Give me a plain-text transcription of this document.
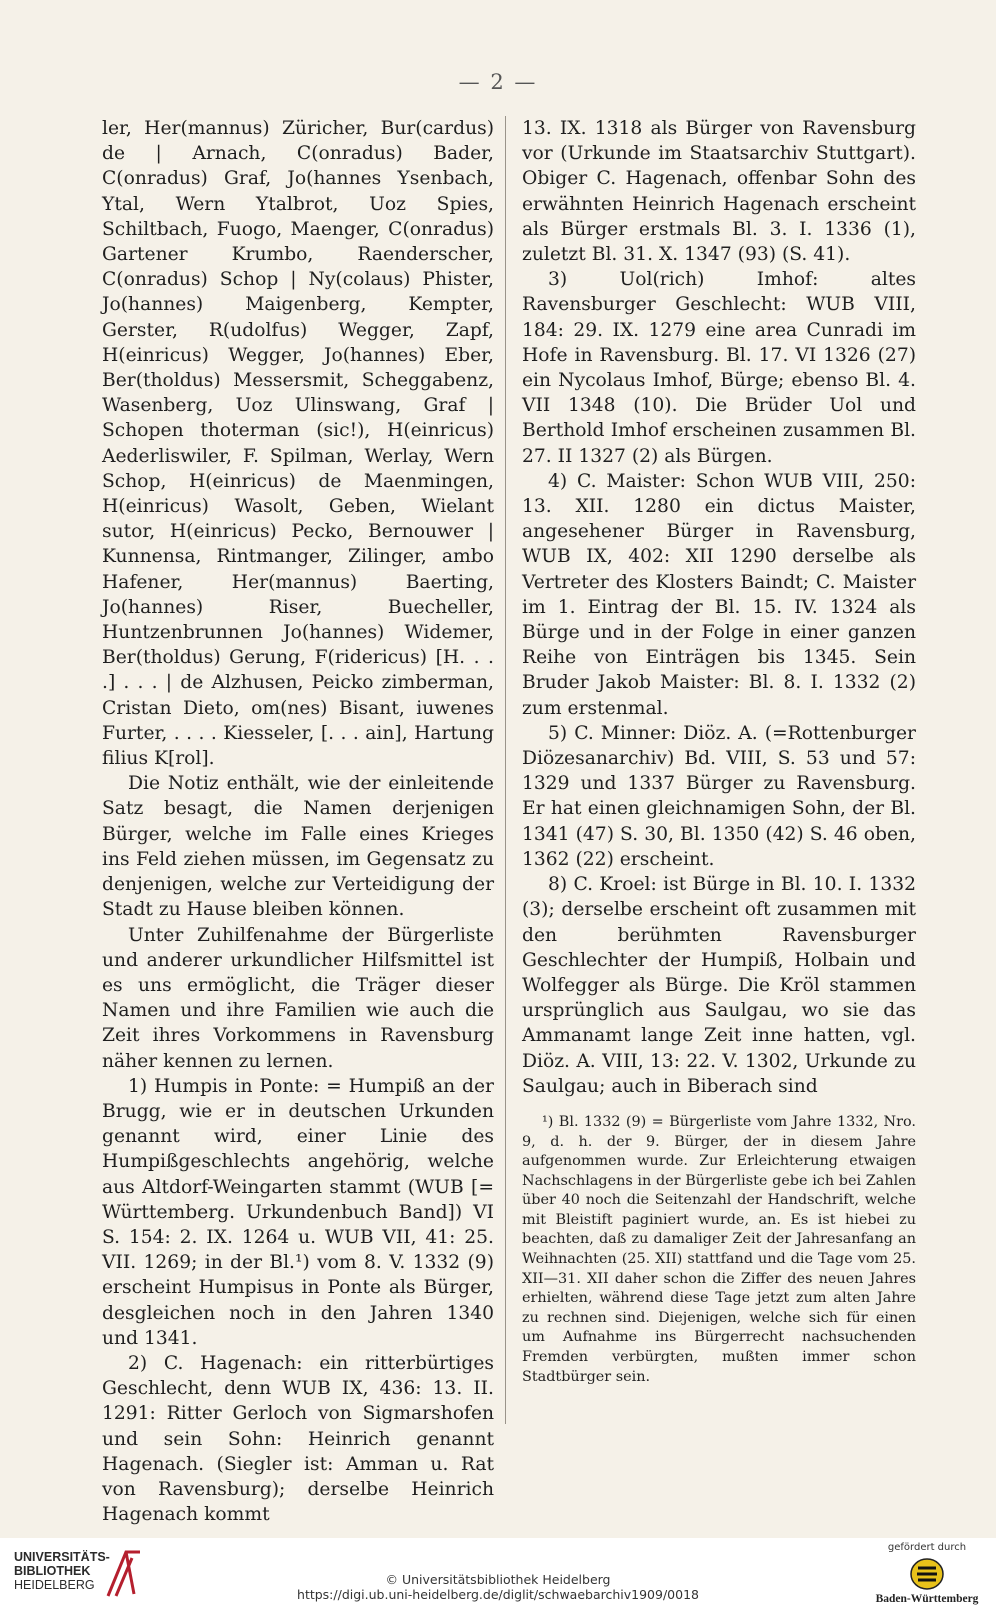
— 2 —

ler, Her(mannus) Züricher, Bur(cardus) de | Arnach, C(onradus) Bader, C(onradus) Graf, Jo(hannes Ysenbach, Ytal, Wern Ytalbrot, Uoz Spies, Schiltbach, Fuogo, Maenger, C(onradus) Gartener Krumbo, Raenderscher, C(onradus) Schop | Ny(colaus) Phister, Jo(hannes) Maigenberg, Kempter, Gerster, R(udolfus) Wegger, Zapf, H(einricus) Wegger, Jo(hannes) Eber, Ber(tholdus) Messersmit, Scheggabenz, Wasenberg, Uoz Ulinswang, Graf | Schopen thoterman (sic!), H(einricus) Aederliswiler, F. Spilman, Werlay, Wern Schop, H(einricus) de Maenmingen, H(einricus) Wasolt, Geben, Wielant sutor, H(einricus) Pecko, Bernouwer | Kunnensa, Rintmanger, Zilinger, ambo Hafener, Her(mannus) Baerting, Jo(hannes) Riser, Buecheller, Huntzenbrunnen Jo(hannes) Widemer, Ber(tholdus) Gerung, F(ridericus) [H. . . .] . . . | de Alzhusen, Peicko zimberman, Cristan Dieto, om(nes) Bisant, iuwenes Furter, . . . . Kiesseler, [. . . ain], Hartung filius K[rol].

Die Notiz enthält, wie der einleitende Satz besagt, die Namen derjenigen Bürger, welche im Falle eines Krieges ins Feld ziehen müssen, im Gegensatz zu denjenigen, welche zur Verteidigung der Stadt zu Hause bleiben können.

Unter Zuhilfenahme der Bürgerliste und anderer urkundlicher Hilfsmittel ist es uns ermöglicht, die Träger dieser Namen und ihre Familien wie auch die Zeit ihres Vorkommens in Ravensburg näher kennen zu lernen.

1) Humpis in Ponte: = Humpiß an der Brugg, wie er in deutschen Urkunden genannt wird, einer Linie des Humpißgeschlechts angehörig, welche aus Altdorf-Weingarten stammt (WUB [= Württemberg. Urkundenbuch Band]) VI S. 154: 2. IX. 1264 u. WUB VII, 41: 25. VII. 1269; in der Bl.¹) vom 8. V. 1332 (9) erscheint Humpisus in Ponte als Bürger, desgleichen noch in den Jahren 1340 und 1341.

2) C. Hagenach: ein ritterbürtiges Geschlecht, denn WUB IX, 436: 13. II. 1291: Ritter Gerloch von Sigmarshofen und sein Sohn: Heinrich genannt Hagenach. (Siegler ist: Amman u. Rat von Ravensburg); derselbe Heinrich Hagenach kommt

13. IX. 1318 als Bürger von Ravensburg vor (Urkunde im Staatsarchiv Stuttgart). Obiger C. Hagenach, offenbar Sohn des erwähnten Heinrich Hagenach erscheint als Bürger erstmals Bl. 3. I. 1336 (1), zuletzt Bl. 31. X. 1347 (93) (S. 41).

3) Uol(rich) Imhof: altes Ravensburger Geschlecht: WUB VIII, 184: 29. IX. 1279 eine area Cunradi im Hofe in Ravensburg. Bl. 17. VI 1326 (27) ein Nycolaus Imhof, Bürge; ebenso Bl. 4. VII 1348 (10). Die Brüder Uol und Berthold Imhof erscheinen zusammen Bl. 27. II 1327 (2) als Bürgen.

4) C. Maister: Schon WUB VIII, 250: 13. XII. 1280 ein dictus Maister, angesehener Bürger in Ravensburg, WUB IX, 402: XII 1290 derselbe als Vertreter des Klosters Baindt; C. Maister im 1. Eintrag der Bl. 15. IV. 1324 als Bürge und in der Folge in einer ganzen Reihe von Einträgen bis 1345. Sein Bruder Jakob Maister: Bl. 8. I. 1332 (2) zum erstenmal.

5) C. Minner: Diöz. A. (=Rottenburger Diözesanarchiv) Bd. VIII, S. 53 und 57: 1329 und 1337 Bürger zu Ravensburg. Er hat einen gleichnamigen Sohn, der Bl. 1341 (47) S. 30, Bl. 1350 (42) S. 46 oben, 1362 (22) erscheint.

8) C. Kroel: ist Bürge in Bl. 10. I. 1332 (3); derselbe erscheint oft zusammen mit den berühmten Ravensburger Geschlechter der Humpiß, Holbain und Wolfegger als Bürge. Die Kröl stammen ursprünglich aus Saulgau, wo sie das Ammanamt lange Zeit inne hatten, vgl. Diöz. A. VIII, 13: 22. V. 1302, Urkunde zu Saulgau; auch in Biberach sind

¹) Bl. 1332 (9) = Bürgerliste vom Jahre 1332, Nro. 9, d. h. der 9. Bürger, der in diesem Jahre aufgenommen wurde. Zur Erleichterung etwaigen Nachschlagens in der Bürgerliste gebe ich bei Zahlen über 40 noch die Seitenzahl der Handschrift, welche mit Bleistift paginiert wurde, an. Es ist hiebei zu beachten, daß zu damaliger Zeit der Jahresanfang an Weihnachten (25. XII) stattfand und die Tage vom 25. XII—31. XII daher schon die Ziffer des neuen Jahres erhielten, während diese Tage jetzt zum alten Jahre zu rechnen sind. Diejenigen, welche sich für einen um Aufnahme ins Bürgerrecht nachsuchenden Fremden verbürgten, mußten immer schon Stadtbürger sein.

UNIVERSITÄTS-
BIBLIOTHEK
HEIDELBERG	© Universitätsbibliothek Heidelberg
https://digi.ub.uni-heidelberg.de/diglit/schwaebarchiv1909/0018
gefördert durch
Baden-Württemberg
